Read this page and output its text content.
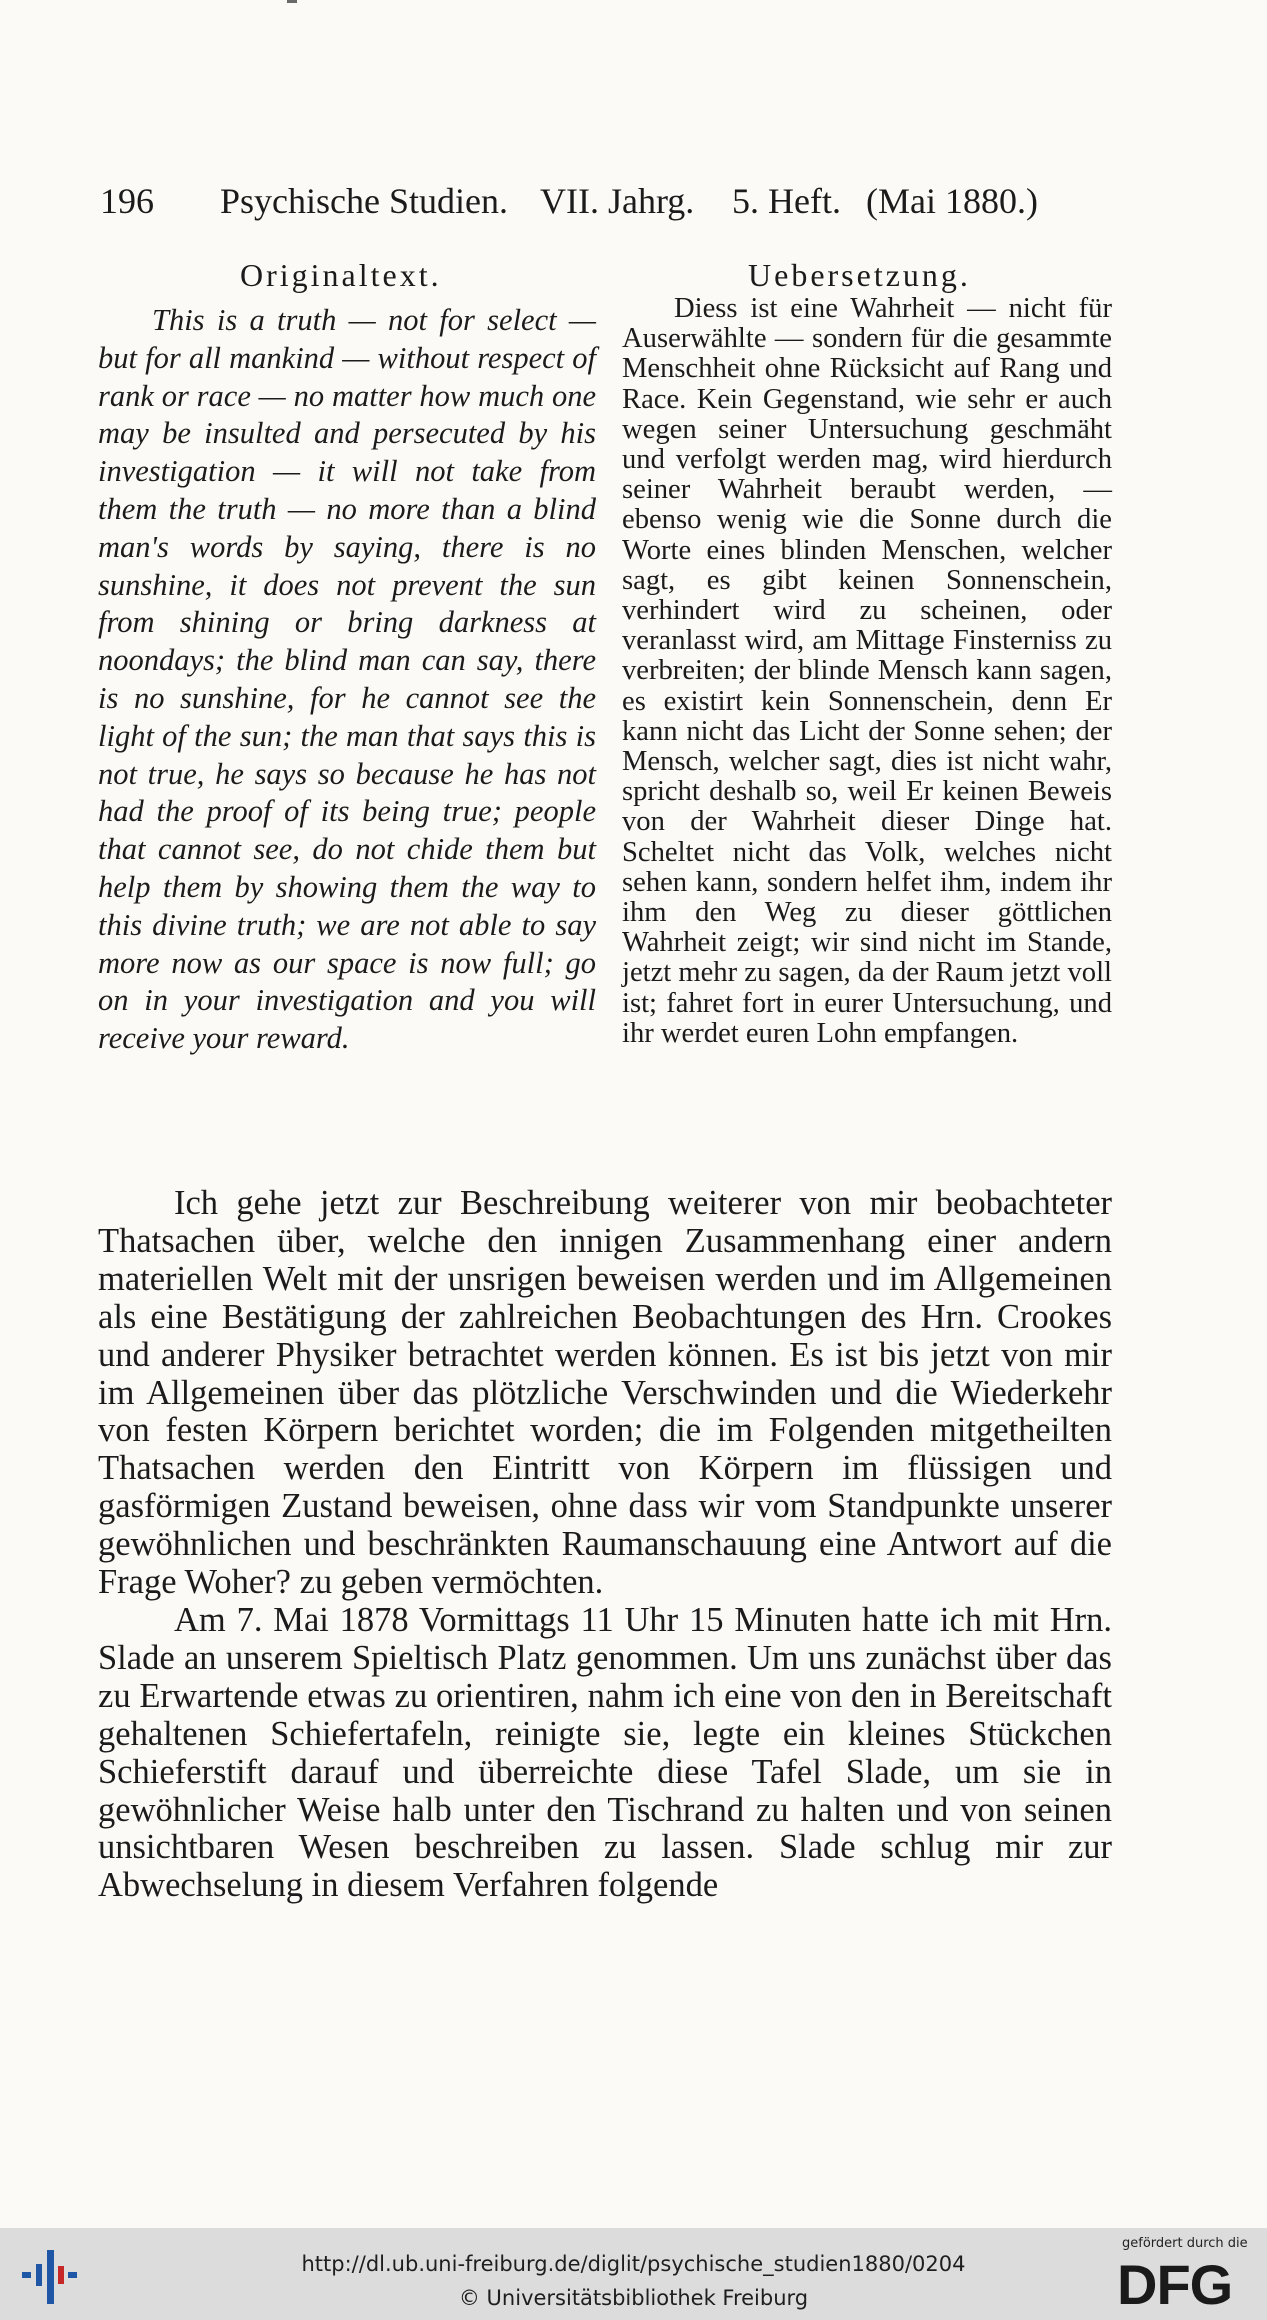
196 Psychische Studien. VII. Jahrg. 5. Heft. (Mai 1880.)
Originaltext.	Uebersetzung.

This is a truth — not for select — but for all mankind — without respect of rank or race — no matter how much one may be insulted and persecuted by his investigation — it will not take from them the truth — no more than a blind man's words by saying, there is no sunshine, it does not prevent the sun from shining or bring darkness at noondays; the blind man can say, there is no sunshine, for he cannot see the light of the sun; the man that says this is not true, he says so because he has not had the proof of its being true; people that cannot see, do not chide them but help them by showing them the way to this divine truth; we are not able to say more now as our space is now full; go on in your investigation and you will receive your reward.

Diess ist eine Wahrheit — nicht für Auserwählte — sondern für die gesammte Menschheit ohne Rücksicht auf Rang und Race. Kein Gegenstand, wie sehr er auch wegen seiner Untersuchung geschmäht und verfolgt werden mag, wird hierdurch seiner Wahrheit beraubt werden, — ebenso wenig wie die Sonne durch die Worte eines blinden Menschen, welcher sagt, es gibt keinen Sonnenschein, verhindert wird zu scheinen, oder veranlasst wird, am Mittage Finsterniss zu verbreiten; der blinde Mensch kann sagen, es existirt kein Sonnenschein, denn Er kann nicht das Licht der Sonne sehen; der Mensch, welcher sagt, dies ist nicht wahr, spricht deshalb so, weil Er keinen Beweis von der Wahrheit dieser Dinge hat. Scheltet nicht das Volk, welches nicht sehen kann, sondern helfet ihm, indem ihr ihm den Weg zu dieser göttlichen Wahrheit zeigt; wir sind nicht im Stande, jetzt mehr zu sagen, da der Raum jetzt voll ist; fahret fort in eurer Untersuchung, und ihr werdet euren Lohn empfangen.

Ich gehe jetzt zur Beschreibung weiterer von mir beobachteter Thatsachen über, welche den innigen Zusammenhang einer andern materiellen Welt mit der unsrigen beweisen werden und im Allgemeinen als eine Bestätigung der zahlreichen Beobachtungen des Hrn. Crookes und anderer Physiker betrachtet werden können. Es ist bis jetzt von mir im Allgemeinen über das plötzliche Verschwinden und die Wiederkehr von festen Körpern berichtet worden; die im Folgenden mitgetheilten Thatsachen werden den Eintritt von Körpern im flüssigen und gasförmigen Zustand beweisen, ohne dass wir vom Standpunkte unserer gewöhnlichen und beschränkten Raumanschauung eine Antwort auf die Frage Woher? zu geben vermöchten.

Am 7. Mai 1878 Vormittags 11 Uhr 15 Minuten hatte ich mit Hrn. Slade an unserem Spieltisch Platz genommen. Um uns zunächst über das zu Erwartende etwas zu orientiren, nahm ich eine von den in Bereitschaft gehaltenen Schiefertafeln, reinigte sie, legte ein kleines Stückchen Schieferstift darauf und überreichte diese Tafel Slade, um sie in gewöhnlicher Weise halb unter den Tischrand zu halten und von seinen unsichtbaren Wesen beschreiben zu lassen. Slade schlug mir zur Abwechselung in diesem Verfahren folgende

http://dl.ub.uni-freiburg.de/diglit/psychische_studien1880/0204
© Universitätsbibliothek Freiburg
gefördert durch die
DFG
